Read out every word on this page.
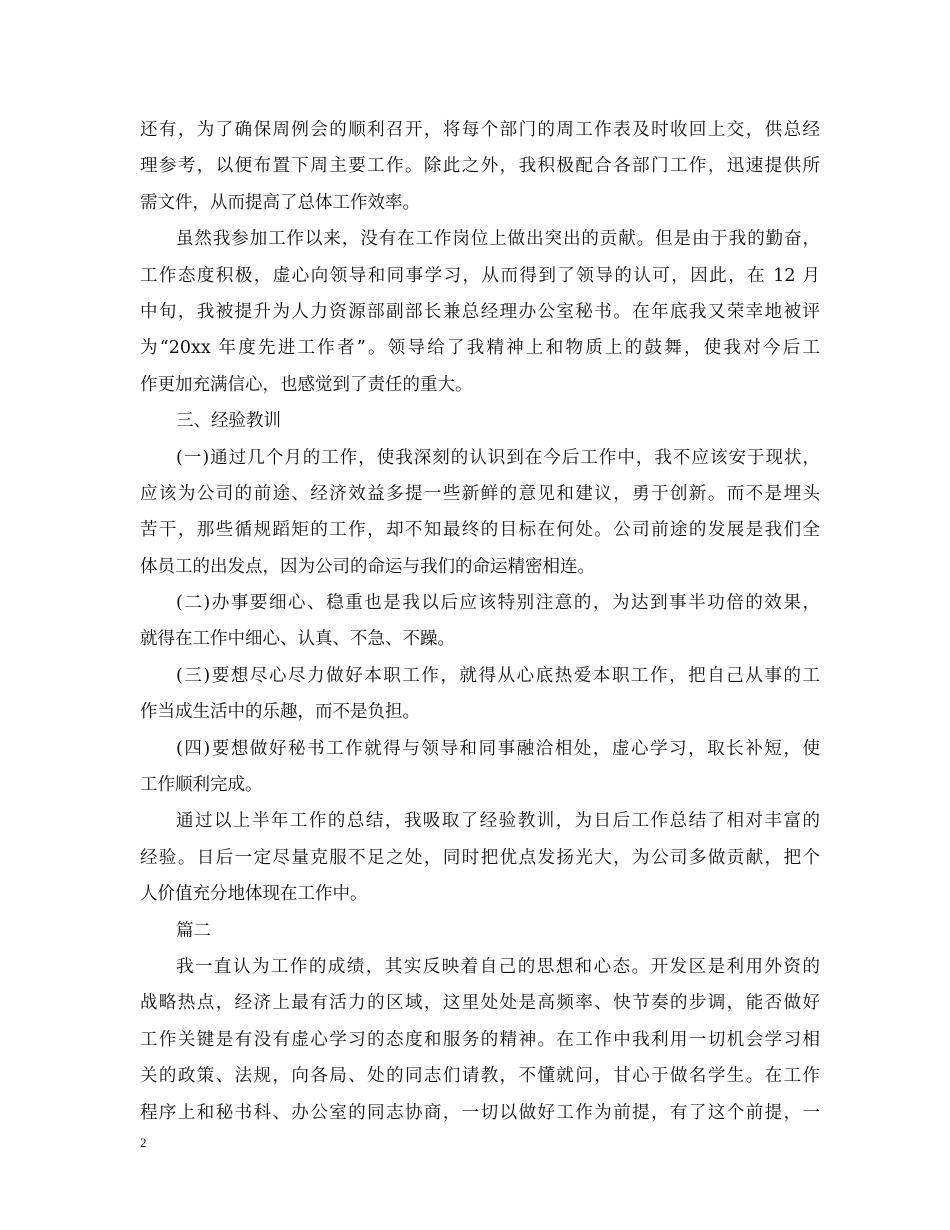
还有，为了确保周例会的顺利召开，将每个部门的周工作表及时收回上交，供总经
理参考，以便布置下周主要工作。除此之外，我积极配合各部门工作，迅速提供所
需文件，从而提高了总体工作效率。
虽然我参加工作以来，没有在工作岗位上做出突出的贡献。但是由于我的勤奋，
工作态度积极，虚心向领导和同事学习，从而得到了领导的认可，因此，在 12 月
中旬，我被提升为人力资源部副部长兼总经理办公室秘书。在年底我又荣幸地被评
为“20xx 年度先进工作者”。领导给了我精神上和物质上的鼓舞，使我对今后工
作更加充满信心，也感觉到了责任的重大。
三、经验教训
(一)通过几个月的工作，使我深刻的认识到在今后工作中，我不应该安于现状，
应该为公司的前途、经济效益多提一些新鲜的意见和建议，勇于创新。而不是埋头
苦干，那些循规蹈矩的工作，却不知最终的目标在何处。公司前途的发展是我们全
体员工的出发点，因为公司的命运与我们的命运精密相连。
(二)办事要细心、稳重也是我以后应该特别注意的，为达到事半功倍的效果，
就得在工作中细心、认真、不急、不躁。
(三)要想尽心尽力做好本职工作，就得从心底热爱本职工作，把自己从事的工
作当成生活中的乐趣，而不是负担。
(四)要想做好秘书工作就得与领导和同事融洽相处，虚心学习，取长补短，使
工作顺利完成。
通过以上半年工作的总结，我吸取了经验教训，为日后工作总结了相对丰富的
经验。日后一定尽量克服不足之处，同时把优点发扬光大，为公司多做贡献，把个
人价值充分地体现在工作中。
篇二
我一直认为工作的成绩，其实反映着自己的思想和心态。开发区是利用外资的
战略热点，经济上最有活力的区域，这里处处是高频率、快节奏的步调，能否做好
工作关键是有没有虚心学习的态度和服务的精神。在工作中我利用一切机会学习相
关的政策、法规，向各局、处的同志们请教，不懂就问，甘心于做名学生。在工作
程序上和秘书科、办公室的同志协商，一切以做好工作为前提，有了这个前提，一
2
